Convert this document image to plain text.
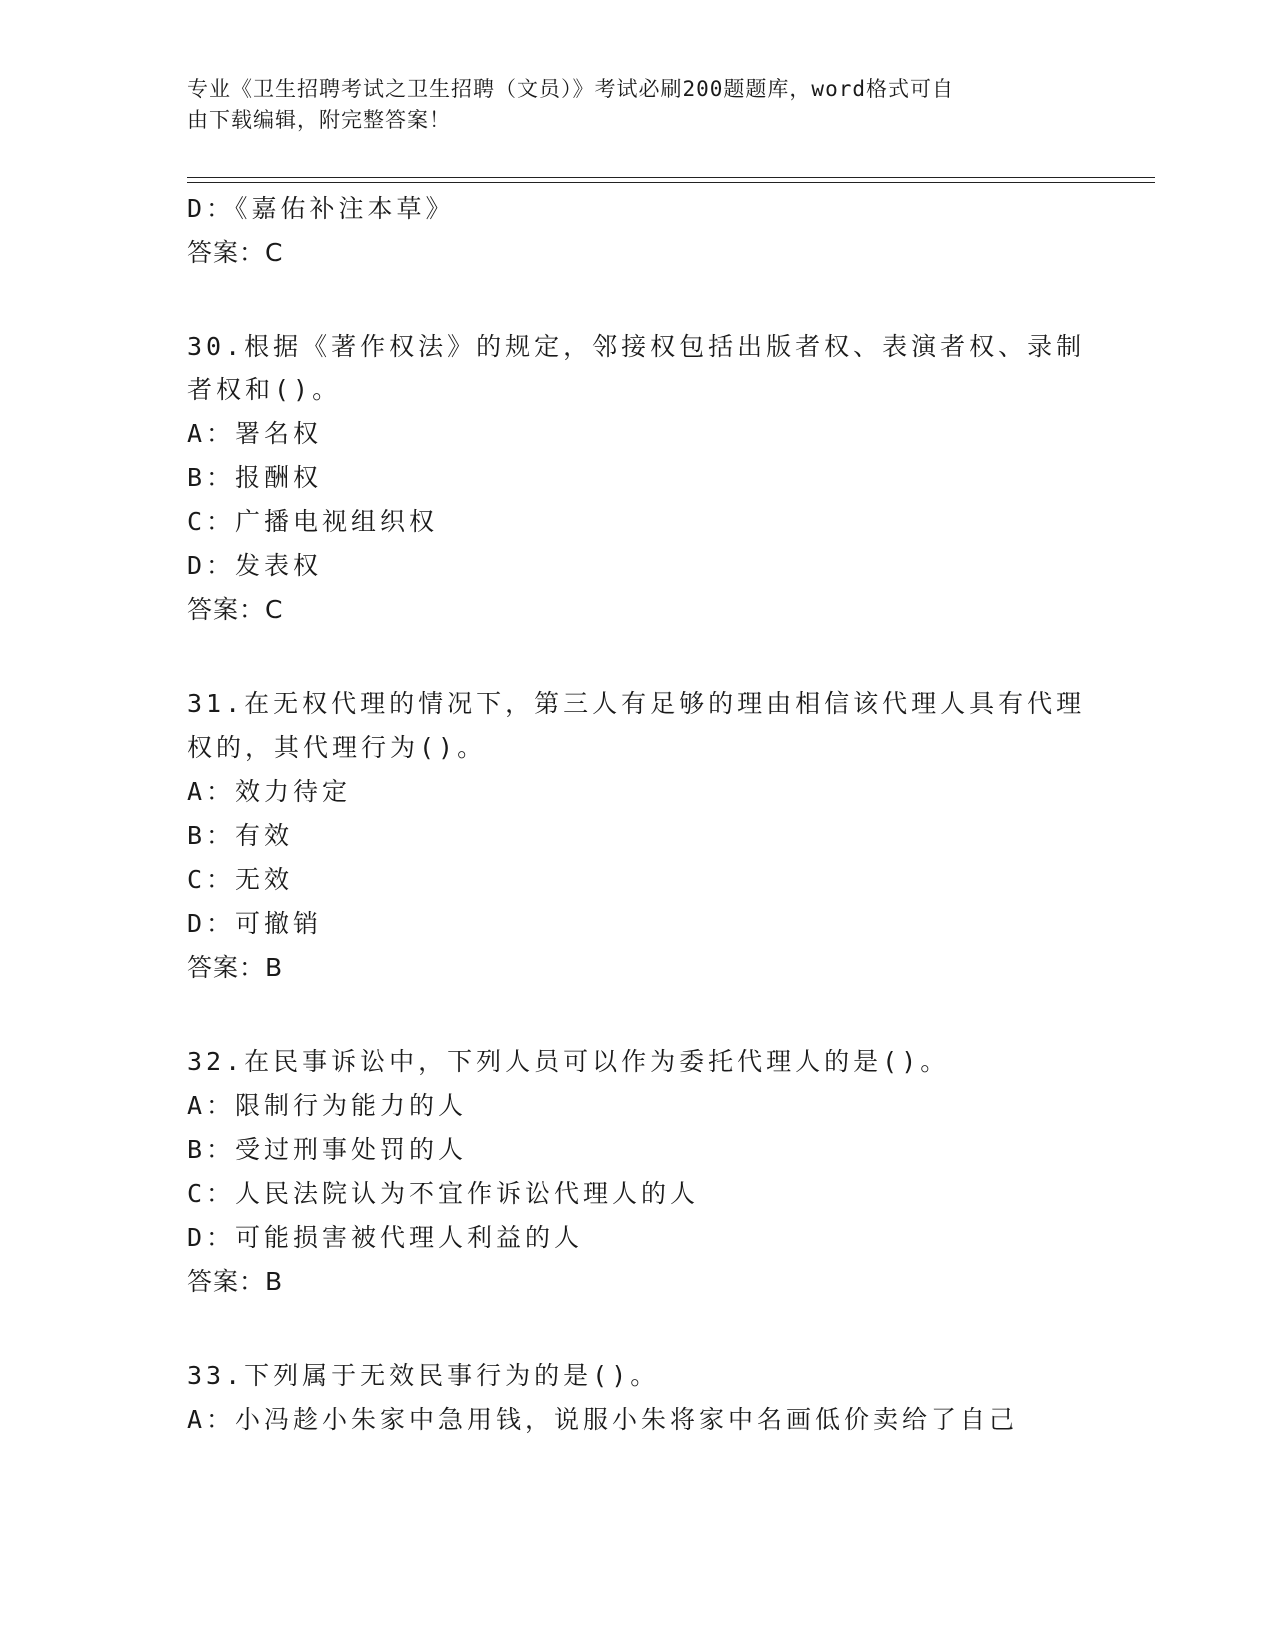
专业《卫生招聘考试之卫生招聘（文员）》考试必刷200题题库，word格式可自
由下载编辑，附完整答案！
D：《嘉佑补注本草》
答案：C
30.根据《著作权法》的规定，邻接权包括出版者权、表演者权、录制
者权和()。
A：署名权
B：报酬权
C：广播电视组织权
D：发表权
答案：C
31.在无权代理的情况下，第三人有足够的理由相信该代理人具有代理
权的，其代理行为()。
A：效力待定
B：有效
C：无效
D：可撤销
答案：B
32.在民事诉讼中，下列人员可以作为委托代理人的是()。
A：限制行为能力的人
B：受过刑事处罚的人
C：人民法院认为不宜作诉讼代理人的人
D：可能损害被代理人利益的人
答案：B
33.下列属于无效民事行为的是()。
A：小冯趁小朱家中急用钱，说服小朱将家中名画低价卖给了自己
